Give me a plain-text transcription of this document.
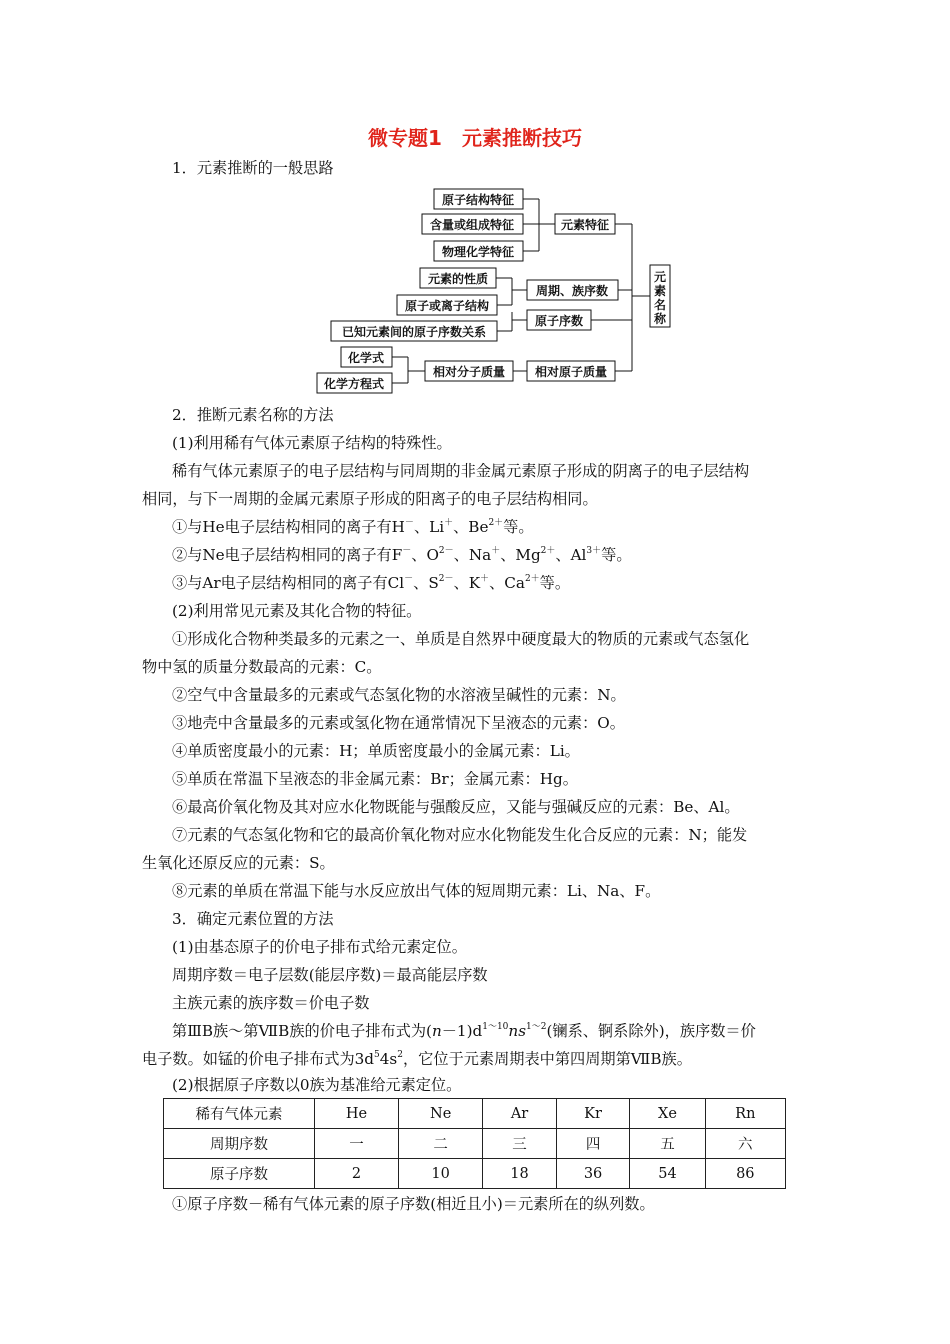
微专题1　元素推断技巧
1．元素推断的一般思路
原子结构特征
含量或组成特征
物理化学特征
元素特征
元素的性质
原子或离子结构
已知元素间的原子序数关系
周期、族序数
原子序数
化学式
化学方程式
相对分子质量 相对原子质量
元
素
名
称
2．推断元素名称的方法
(1)利用稀有气体元素原子结构的特殊性。
稀有气体元素原子的电子层结构与同周期的非金属元素原子形成的阴离子的电子层结构
相同，与下一周期的金属元素原子形成的阳离子的电子层结构相同。
①与He电子层结构相同的离子有H－、Li＋、$Be^{2+}$等。
②与Ne电子层结构相同的离子有F－、$O^{2-}$、Na＋、$Mg^{2+}$、$Al^{3+}$等。
③与Ar电子层结构相同的离子有Cl－、$S^{2-}$、K＋、$Ca^{2+}$等。
(2)利用常见元素及其化合物的特征。
①形成化合物种类最多的元素之一、单质是自然界中硬度最大的物质的元素或气态氢化
物中氢的质量分数最高的元素：C。
②空气中含量最多的元素或气态氢化物的水溶液呈碱性的元素：N。
③地壳中含量最多的元素或氢化物在通常情况下呈液态的元素：O。
④单质密度最小的元素：H；单质密度最小的金属元素：Li。
⑤单质在常温下呈液态的非金属元素：Br；金属元素：Hg。
⑥最高价氧化物及其对应水化物既能与强酸反应，又能与强碱反应的元素：Be、Al。
⑦元素的气态氢化物和它的最高价氧化物对应水化物能发生化合反应的元素：N；能发
生氧化还原反应的元素：S。
⑧元素的单质在常温下能与水反应放出气体的短周期元素：Li、Na、F。
3．确定元素位置的方法
(1)由基态原子的价电子排布式给元素定位。
周期序数＝电子层数(能层序数)＝最高能层序数
主族元素的族序数＝价电子数
第ⅢB族～第ⅦB族的价电子排布式为$(n-1)d^{1\sim 10}ns^{1\sim 2}$(镧系、锕系除外)，族序数＝价
电子数。如锰的价电子排布式为$3d^54s^2$，它位于元素周期表中第四周期第ⅦB族。
(2)根据原子序数以0族为基准给元素定位。
稀有气体元素	He	Ne	Ar	Kr	Xe	Rn
周期序数	一	二	三	四	五	六
原子序数	2	10	18	36	54	86
①原子序数－稀有气体元素的原子序数(相近且小)＝元素所在的纵列数。
